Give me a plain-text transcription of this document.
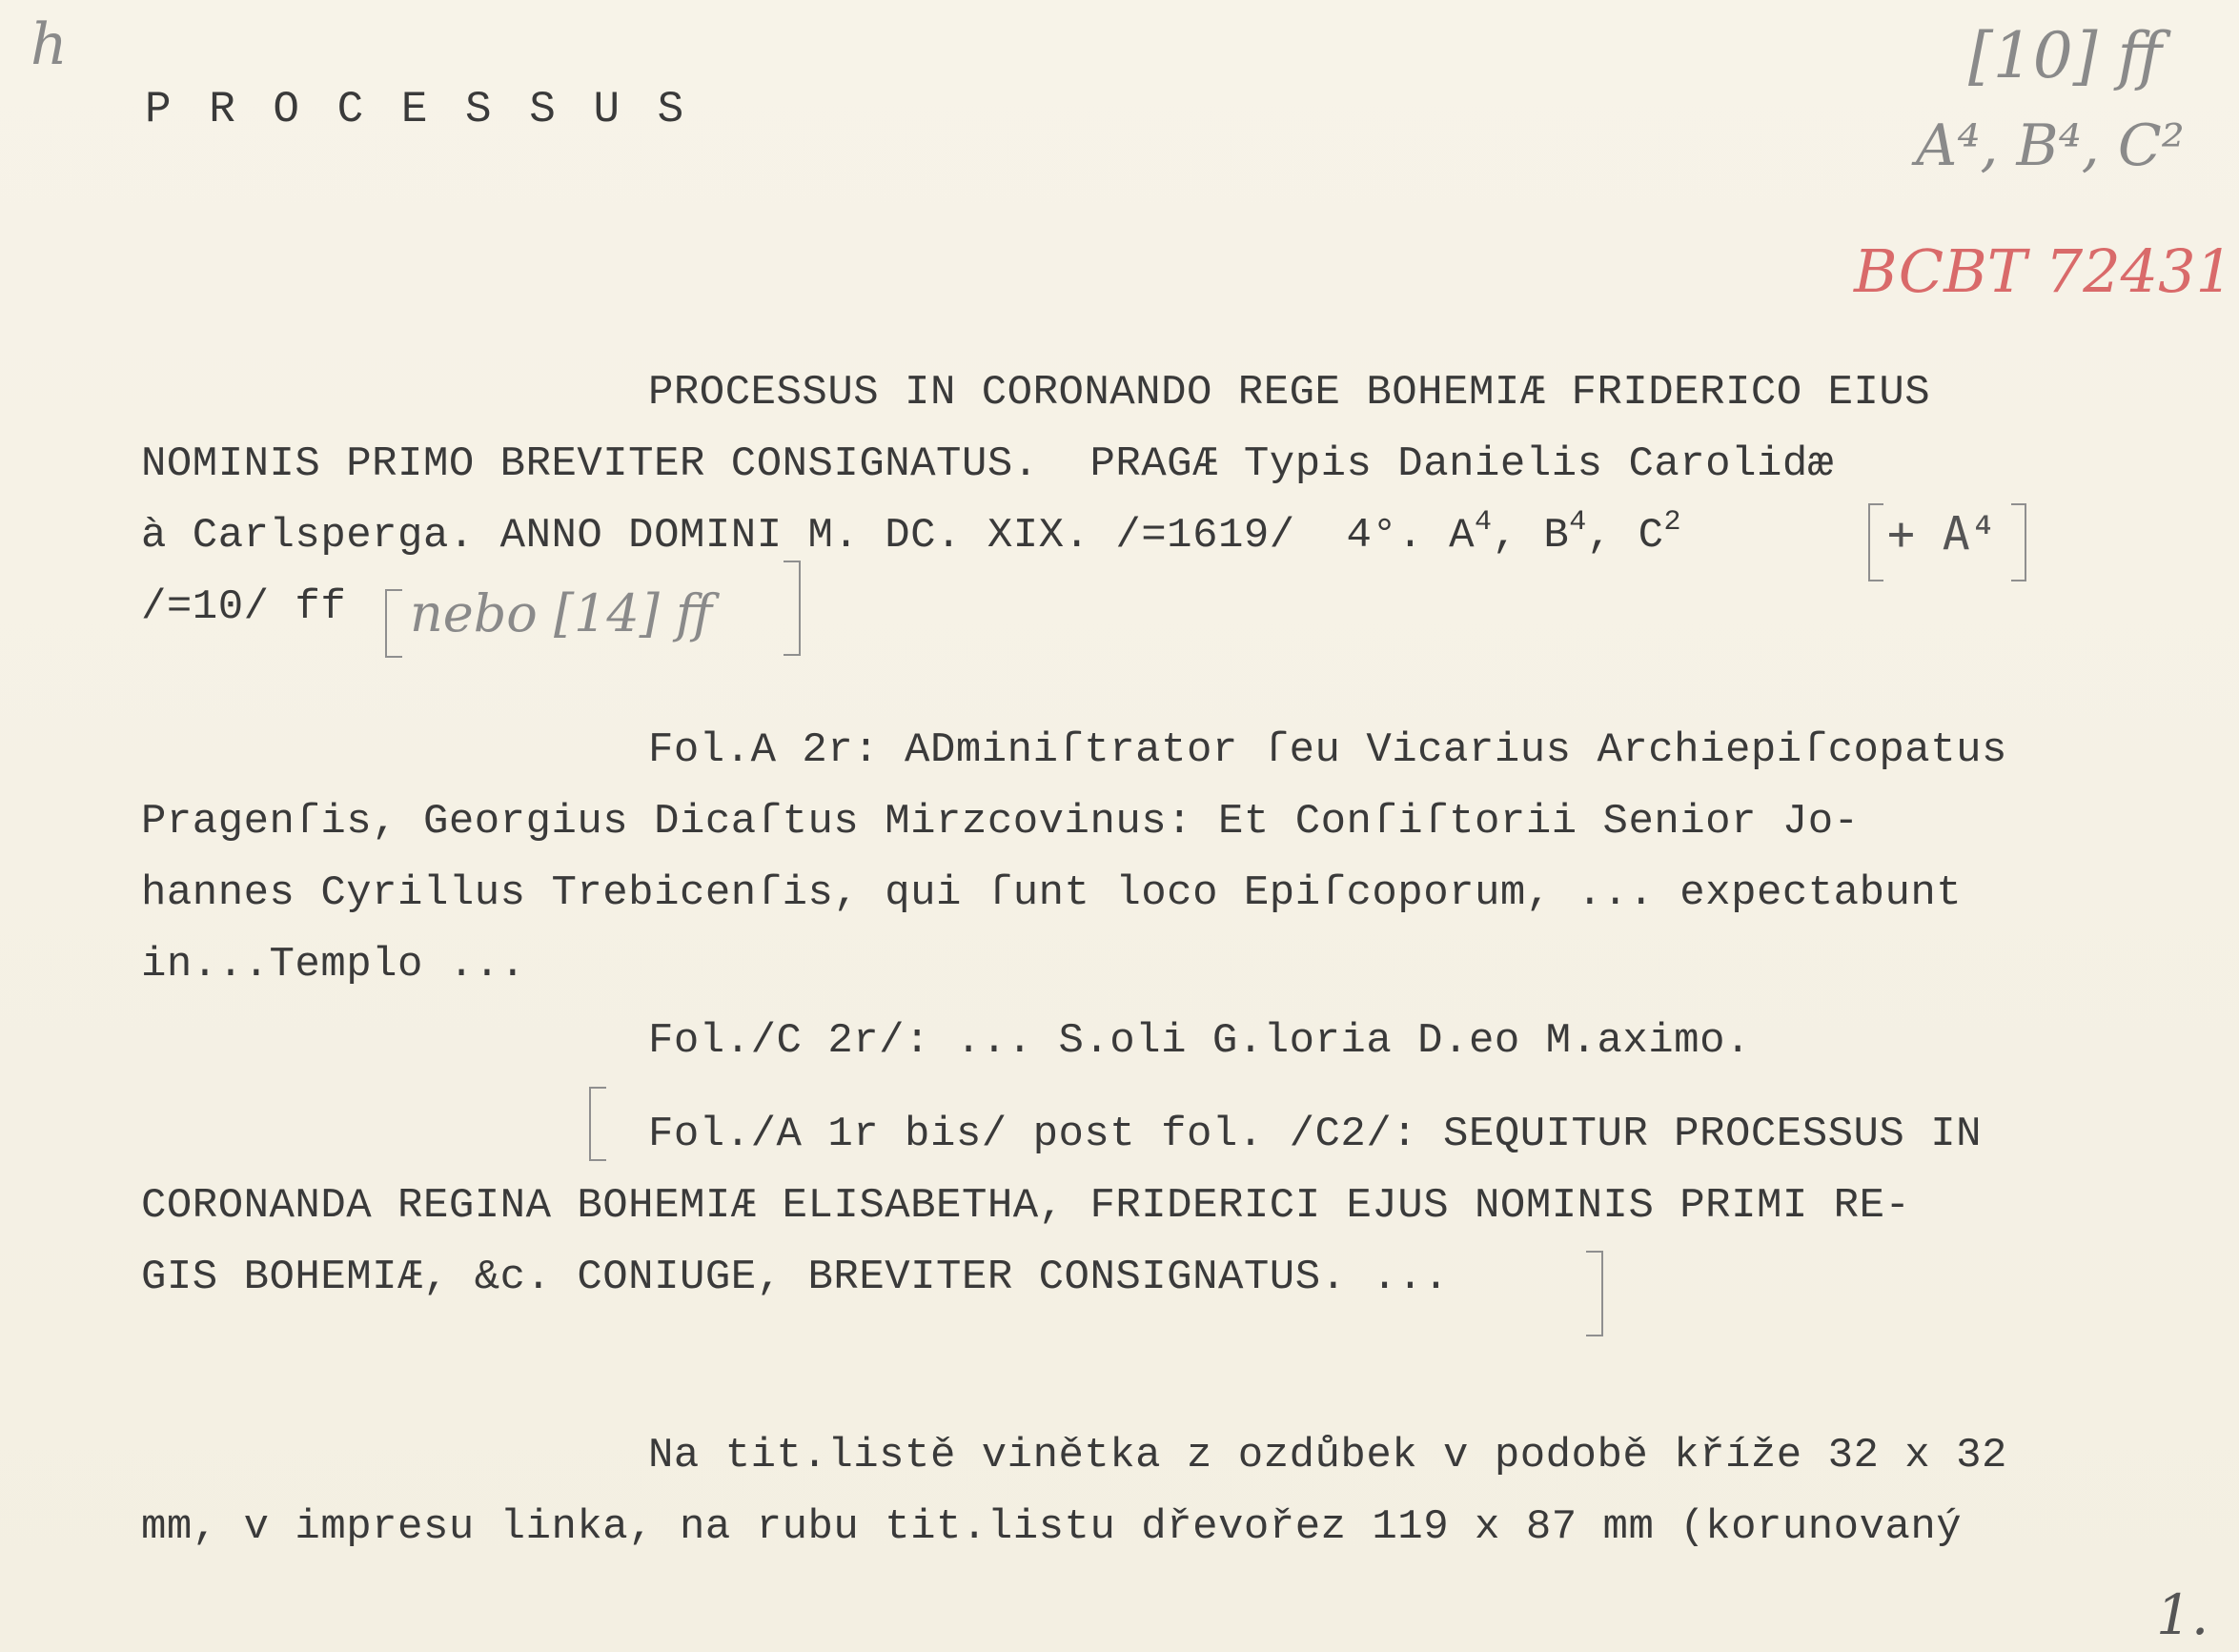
h
P R O C E S S U S
[10] ff
A⁴, B⁴, C²
BCBT 72431
PROCESSUS IN CORONANDO REGE BOHEMIÆ FRIDERICO EIUS
NOMINIS PRIMO BREVITER CONSIGNATUS.  PRAGÆ Typis Danielis Carolidæ
à Carlsperga. ANNO DOMINI M. DC. XIX. /=1619/  4°. $A^4$, $B^4$, $C^2$	+ A⁴
/=10/ ff nebo [14] ff
Fol.A 2r: ADminiſtrator ſeu Vicarius Archiepiſcopatus
Pragenſis, Georgius Dicaſtus Mirzcovinus: Et Conſiſtorii Senior Jo-
hannes Cyrillus Trebicenſis, qui ſunt loco Epiſcoporum, ... expectabunt
in...Templo ...
Fol./C 2r/: ... S.oli G.loria D.eo M.aximo.
Fol./A 1r bis/ post fol. /C2/: SEQUITUR PROCESSUS IN
CORONANDA REGINA BOHEMIÆ ELISABETHA, FRIDERICI EJUS NOMINIS PRIMI RE-
GIS BOHEMIÆ, &c. CONIUGE, BREVITER CONSIGNATUS. ...
Na tit.listě vinětka z ozdůbek v podobě kříže 32 x 32
mm, v impresu linka, na rubu tit.listu dřevořez 119 x 87 mm (korunovaný
1.
